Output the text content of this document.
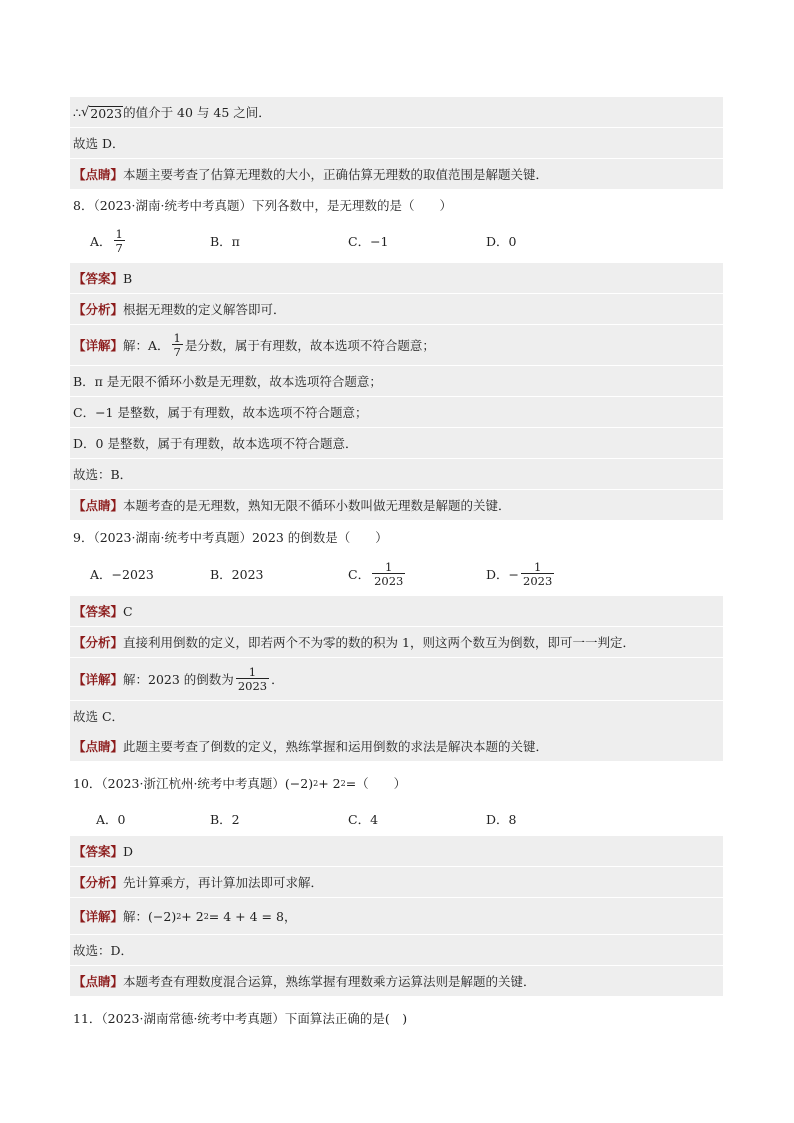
∴ √ 2023 的值介于 40 与 45 之间．
故选 D．
【点睛】 本题主要考查了估算无理数的大小，正确估算无理数的取值范围是解题关键．
8．（2023·湖南·统考中考真题）下列各数中，是无理数的是（　　）
A． $\frac{1}{7}$	B．π	C．−1	D．0
【答案】 B
【分析】 根据无理数的定义解答即可．
【详解】 解：A． $\frac{1}{7}$ 是分数，属于有理数，故本选项不符合题意；
B．π 是无限不循环小数是无理数，故本选项符合题意；
C．−1 是整数，属于有理数，故本选项不符合题意；
D．0 是整数，属于有理数，故本选项不符合题意．
故选：B．
【点睛】 本题考查的是无理数，熟知无限不循环小数叫做无理数是解题的关键．
9．（2023·湖南·统考中考真题）2023 的倒数是（　　）
A．−2023	B．2023	C． $\frac{1}{2023}$	D．− $\frac{1}{2023}$
【答案】 C
【分析】 直接利用倒数的定义，即若两个不为零的数的积为 1，则这两个数互为倒数，即可一一判定．
【详解】 解：2023 的倒数为 $\frac{1}{2023}$ ．
故选 C．
【点睛】 此题主要考查了倒数的定义，熟练掌握和运用倒数的求法是解决本题的关键．
10．（2023·浙江杭州·统考中考真题） (−2) 2 + 2 2 =（　　）
A．0	B．2	C．4	D．8
【答案】 D
【分析】 先计算乘方，再计算加法即可求解．
【详解】 解：(−2) 2 + 2 2 = 4 + 4 = 8，
故选：D．
【点睛】 本题考查有理数度混合运算，熟练掌握有理数乘方运算法则是解题的关键．
11．（2023·湖南常德·统考中考真题）下面算法正确的是(　)
